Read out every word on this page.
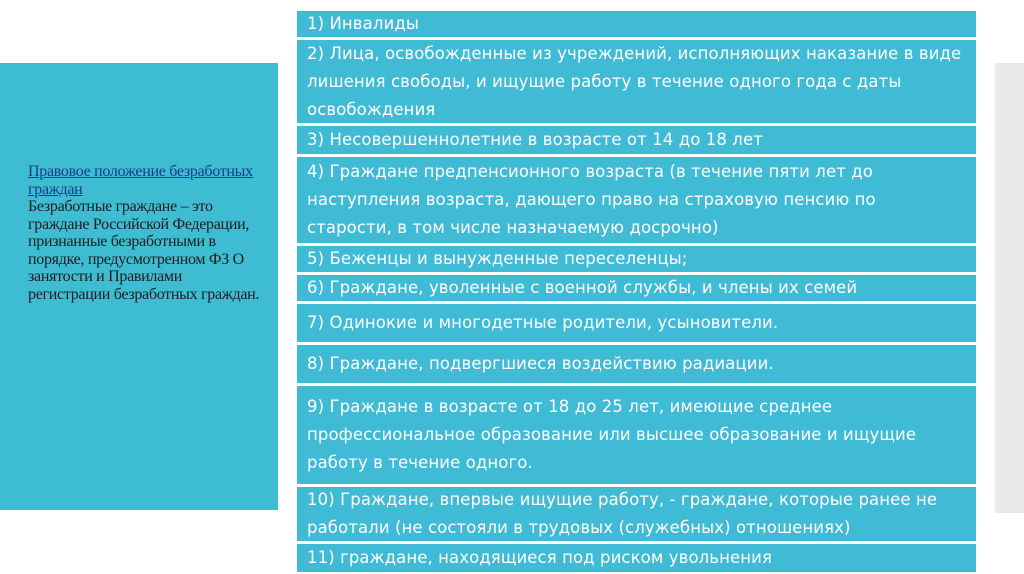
Правовое положение безработных граждан
Безработные граждане – это граждане Российской Федерации, признанные безработными в порядке, предусмотренном ФЗ О занятости и Правилами регистрации безработных граждан.
1) Инвалиды
2) Лица, освобожденные из учреждений, исполняющих наказание в виде лишения свободы, и ищущие работу в течение одного года с даты освобождения
3) Несовершеннолетние в возрасте от 14 до 18 лет
4) Граждане предпенсионного возраста (в течение пяти лет до наступления возраста, дающего право на страховую пенсию по старости, в том числе назначаемую досрочно)
5) Беженцы и вынужденные переселенцы;
6) Граждане, уволенные с военной службы, и члены их семей
7) Одинокие и многодетные родители, усыновители.
8) Граждане, подвергшиеся воздействию радиации.
9) Граждане в возрасте от 18 до 25 лет, имеющие среднее профессиональное образование или высшее образование и ищущие работу в течение одного.
10) Граждане, впервые ищущие работу, - граждане, которые ранее не работали (не состояли в трудовых (служебных) отношениях)
11) граждане, находящиеся под риском увольнения
